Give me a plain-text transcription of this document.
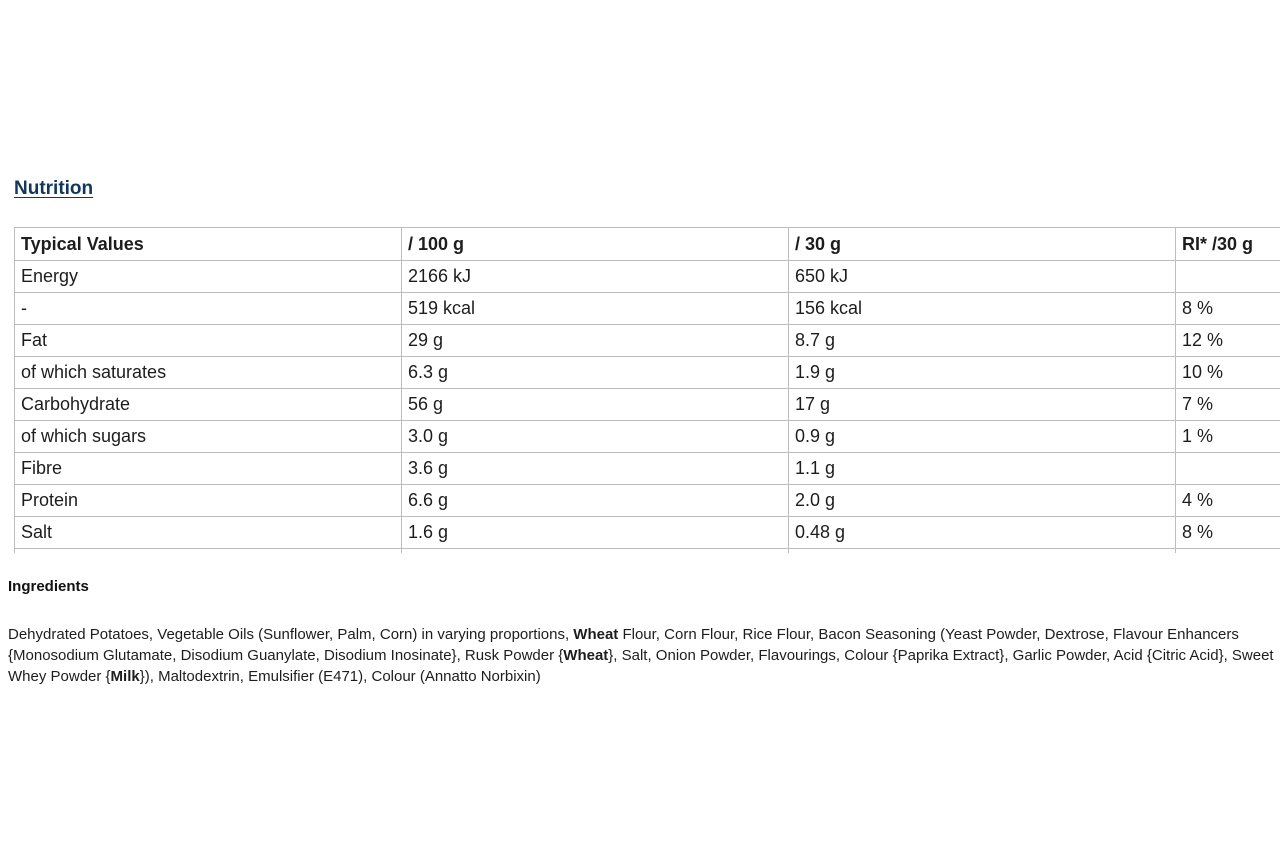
Nutrition
Typical Values	/ 100 g	/ 30 g	RI* /30 g
Energy	2166 kJ	650 kJ	
-	519 kcal	156 kcal	8 %
Fat	29 g	8.7 g	12 %
of which saturates	6.3 g	1.9 g	10 %
Carbohydrate	56 g	17 g	7 %
of which sugars	3.0 g	0.9 g	1 %
Fibre	3.6 g	1.1 g	
Protein	6.6 g	2.0 g	4 %
Salt	1.6 g	0.48 g	8 %

Ingredients

Dehydrated Potatoes, Vegetable Oils (Sunflower, Palm, Corn) in varying proportions, Wheat Flour, Corn Flour, Rice Flour, Bacon Seasoning (Yeast Powder, Dextrose, Flavour Enhancers {Monosodium Glutamate, Disodium Guanylate, Disodium Inosinate}, Rusk Powder {Wheat}, Salt, Onion Powder, Flavourings, Colour {Paprika Extract}, Garlic Powder, Acid {Citric Acid}, Sweet Whey Powder {Milk}), Maltodextrin, Emulsifier (E471), Colour (Annatto Norbixin)
